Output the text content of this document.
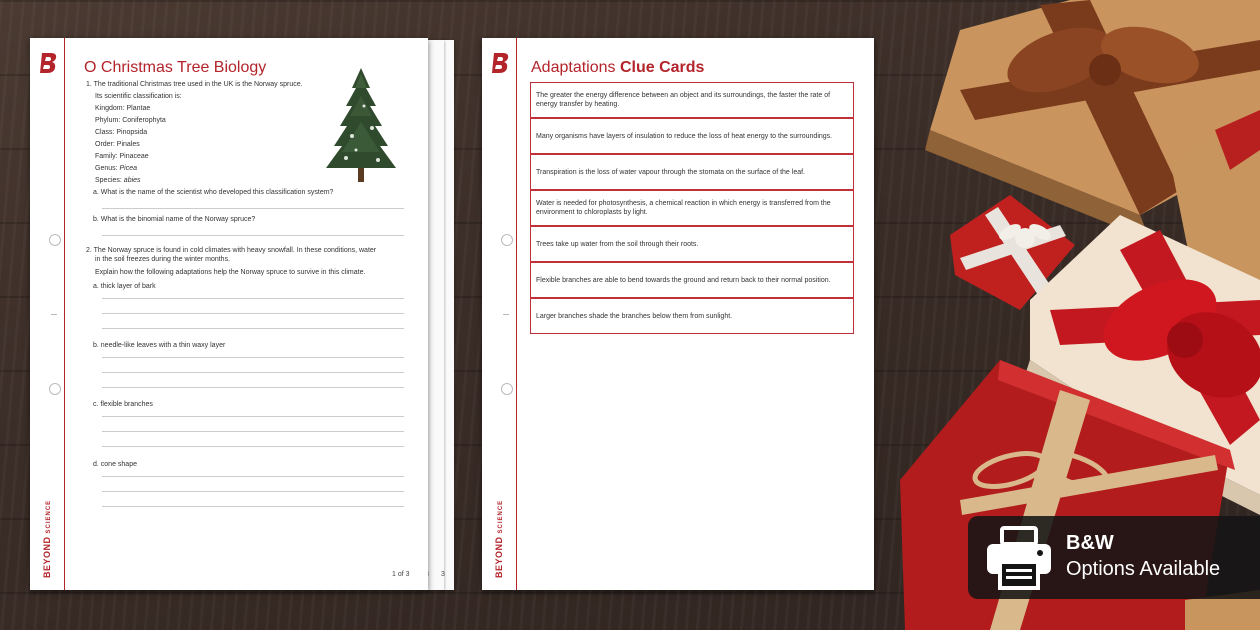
3
BEYONDSCIENCE
O Christmas Tree Biology
1. The traditional Christmas tree used in the UK is the Norway spruce.
Its scientific classification is:
Kingdom: Plantae
Phylum: Coniferophyta
Class: Pinopsida
Order: Pinales
Family: Pinaceae
Genus: Picea
Species: abies
a. What is the name of the scientist who developed this classification system?
b. What is the binomial name of the Norway spruce?
2. The Norway spruce is found in cold climates with heavy snowfall. In these conditions, water
in the soil freezes during the winter months.
Explain how the following adaptations help the Norway spruce to survive in this climate.
a. thick layer of bark
b. needle-like leaves with a thin waxy layer
c. flexible branches
d. cone shape
1 of 3	BEYONDSCIENCE
Adaptations Clue Cards
The greater the energy difference between an object and its surroundings, the faster the rate of energy transfer by heating.
Many organisms have layers of insulation to reduce the loss of heat energy to the surroundings.
Transpiration is the loss of water vapour through the stomata on the surface of the leaf.
Water is needed for photosynthesis, a chemical reaction in which energy is transferred from the environment to chloroplasts by light.
Trees take up water from the soil through their roots.
Flexible branches are able to bend towards the ground and return back to their normal position.
Larger branches shade the branches below them from sunlight.
B&W
Options Available
